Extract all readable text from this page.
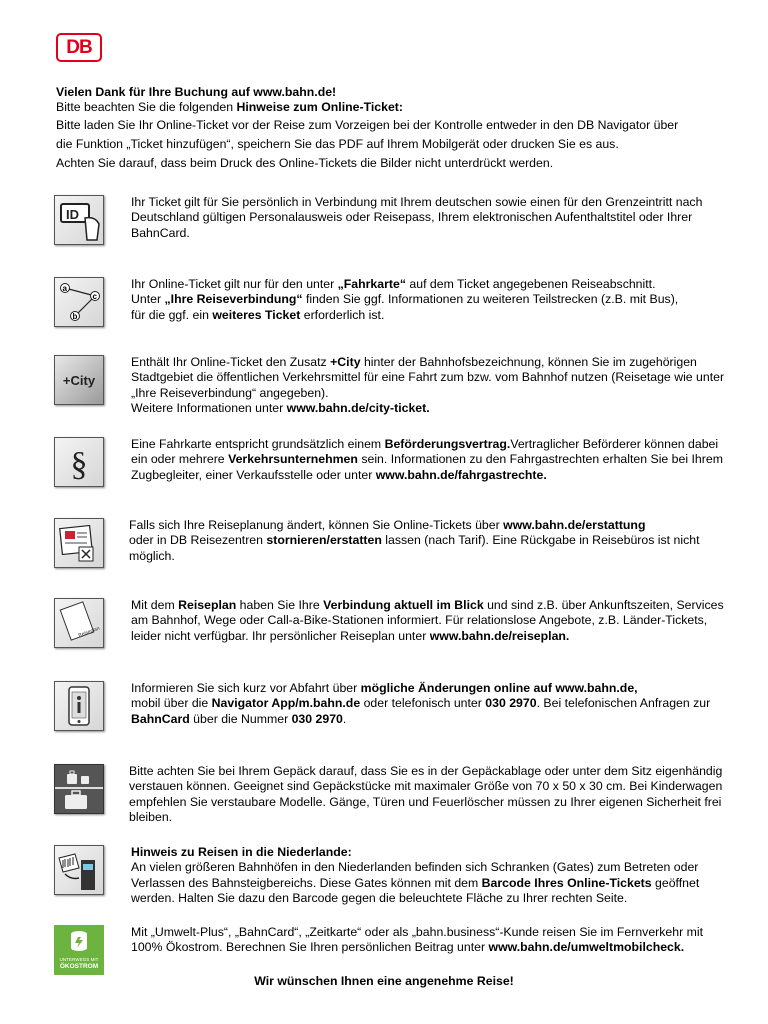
DB
Vielen Dank für Ihre Buchung auf www.bahn.de!
Bitte beachten Sie die folgenden Hinweise zum Online-Ticket:
Bitte laden Sie Ihr Online-Ticket vor der Reise zum Vorzeigen bei der Kontrolle entweder in den DB Navigator über
die Funktion „Ticket hinzufügen“, speichern Sie das PDF auf Ihrem Mobilgerät oder drucken Sie es aus.
Achten Sie darauf, dass beim Druck des Online-Tickets die Bilder nicht unterdrückt werden.
ID
Ihr Ticket gilt für Sie persönlich in Verbindung mit Ihrem deutschen sowie einen für den Grenzeintritt nach Deutschland gültigen Personalausweis oder Reisepass, Ihrem elektronischen Aufenthaltstitel oder Ihrer BahnCard.
a
c
b
Ihr Online-Ticket gilt nur für den unter „Fahrkarte“ auf dem Ticket angegebenen Reiseabschnitt.
Unter „Ihre Reiseverbindung“ finden Sie ggf. Informationen zu weiteren Teilstrecken (z.B. mit Bus),
für die ggf. ein weiteres Ticket erforderlich ist.
+City
Enthält Ihr Online-Ticket den Zusatz +City hinter der Bahnhofsbezeichnung, können Sie im zugehörigen Stadtgebiet die öffentlichen Verkehrsmittel für eine Fahrt zum bzw. vom Bahnhof nutzen (Reisetage wie unter „Ihre Reiseverbindung“ angegeben).
Weitere Informationen unter www.bahn.de/city-ticket.
§
Eine Fahrkarte entspricht grundsätzlich einem Beförderungsvertrag.Vertraglicher Beförderer können dabei ein oder mehrere Verkehrsunternehmen sein. Informationen zu den Fahrgastrechten erhalten Sie bei Ihrem Zugbegleiter, einer Verkaufsstelle oder unter www.bahn.de/fahrgastrechte.
Falls sich Ihre Reiseplanung ändert, können Sie Online-Tickets über www.bahn.de/erstattung
oder in DB Reisezentren stornieren/erstatten lassen (nach Tarif). Eine Rückgabe in Reisebüros ist nicht möglich.
Reiseplan
Mit dem Reiseplan haben Sie Ihre Verbindung aktuell im Blick und sind z.B. über Ankunftszeiten, Services am Bahnhof, Wege oder Call-a-Bike-Stationen informiert. Für relationslose Angebote, z.B. Länder-Tickets, leider nicht verfügbar. Ihr persönlicher Reiseplan unter www.bahn.de/reiseplan.
Informieren Sie sich kurz vor Abfahrt über mögliche Änderungen online auf www.bahn.de,
mobil über die Navigator App/m.bahn.de oder telefonisch unter 030 2970. Bei telefonischen Anfragen zur BahnCard über die Nummer 030 2970.
Bitte achten Sie bei Ihrem Gepäck darauf, dass Sie es in der Gepäckablage oder unter dem Sitz eigenhändig verstauen können. Geeignet sind Gepäckstücke mit maximaler Größe von 70 x 50 x 30 cm. Bei Kinderwagen empfehlen Sie verstaubare Modelle. Gänge, Türen und Feuerlöscher müssen zu Ihrer eigenen Sicherheit frei bleiben.
Hinweis zu Reisen in die Niederlande:
An vielen größeren Bahnhöfen in den Niederlanden befinden sich Schranken (Gates) zum Betreten oder Verlassen des Bahnsteigbereichs. Diese Gates können mit dem Barcode Ihres Online-Tickets geöffnet werden. Halten Sie dazu den Barcode gegen die beleuchtete Fläche zu Ihrer rechten Seite.
UNTERWEGS MIT
ÖKOSTROM
Mit „Umwelt-Plus“, „BahnCard“, „Zeitkarte“ oder als „bahn.business“-Kunde reisen Sie im Fernverkehr mit 100% Ökostrom. Berechnen Sie Ihren persönlichen Beitrag unter www.bahn.de/umweltmobilcheck.
Wir wünschen Ihnen eine angenehme Reise!
